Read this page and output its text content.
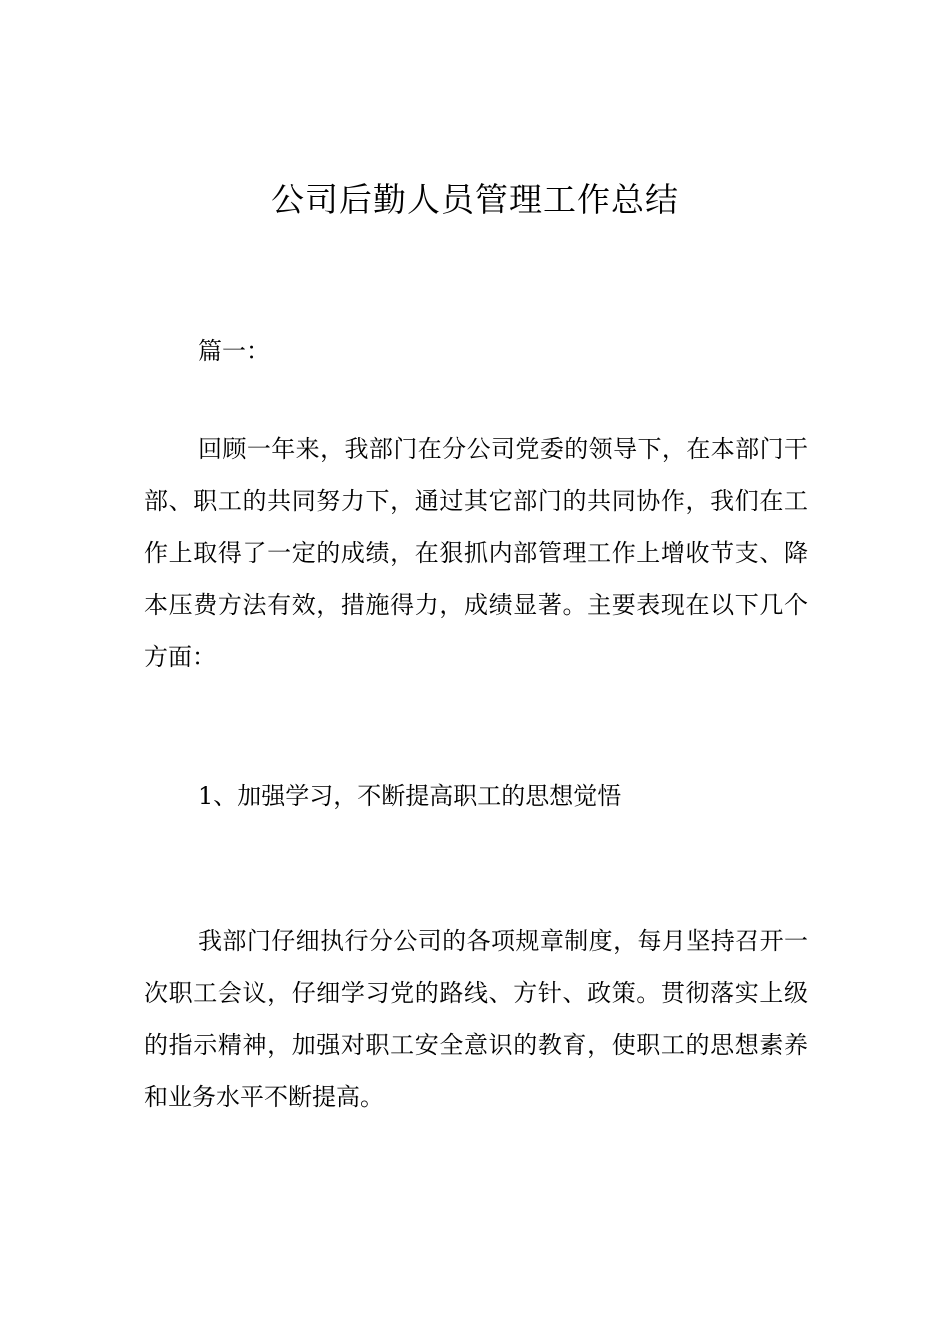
公司后勤人员管理工作总结

篇一：

回顾一年来，我部门在分公司党委的领导下，在本部门干部、职工的共同努力下，通过其它部门的共同协作，我们在工作上取得了一定的成绩，在狠抓内部管理工作上增收节支、降本压费方法有效，措施得力，成绩显著。主要表现在以下几个方面：

1、加强学习，不断提高职工的思想觉悟

我部门仔细执行分公司的各项规章制度，每月坚持召开一次职工会议，仔细学习党的路线、方针、政策。贯彻落实上级的指示精神，加强对职工安全意识的教育，使职工的思想素养和业务水平不断提高。
